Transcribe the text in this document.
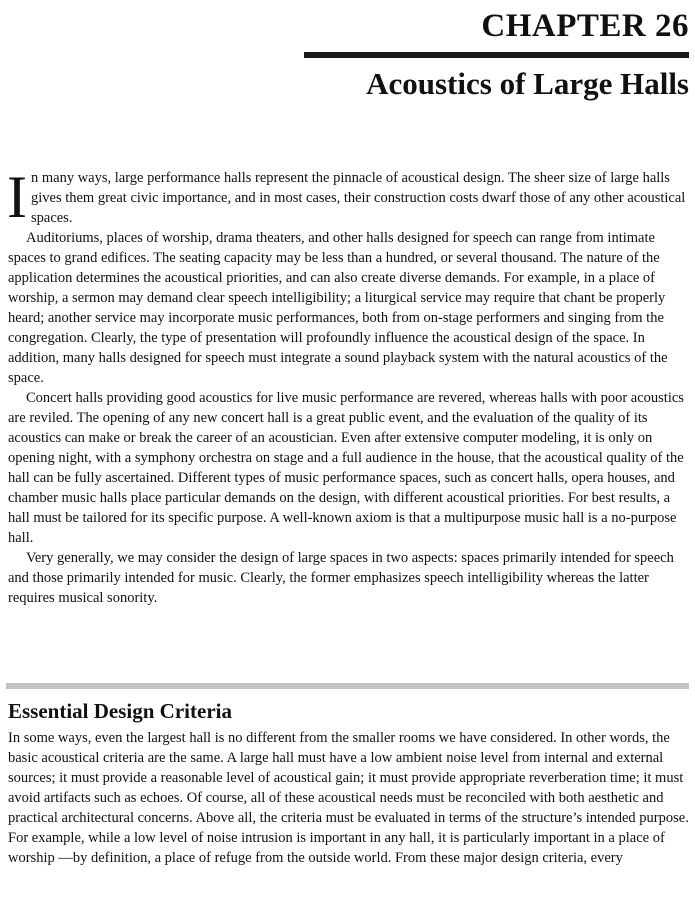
CHAPTER 26
Acoustics of Large Halls

In many ways, large performance halls represent the pinnacle of acoustical design. The sheer size of large halls gives them great civic importance, and in most cases, their construction costs dwarf those of any other acoustical spaces.

Auditoriums, places of worship, drama theaters, and other halls designed for speech can range from intimate spaces to grand edifices. The seating capacity may be less than a hundred, or several thousand. The nature of the application determines the acoustical priorities, and can also create diverse demands. For example, in a place of worship, a sermon may demand clear speech intelligibility; a liturgical service may require that chant be properly heard; another service may incorporate music performances, both from on-stage performers and singing from the congregation. Clearly, the type of presentation will profoundly influence the acoustical design of the space. In addition, many halls designed for speech must integrate a sound playback system with the natural acoustics of the space.

Concert halls providing good acoustics for live music performance are revered, whereas halls with poor acoustics are reviled. The opening of any new concert hall is a great public event, and the evaluation of the quality of its acoustics can make or break the career of an acoustician. Even after extensive computer modeling, it is only on opening night, with a symphony orchestra on stage and a full audience in the house, that the acoustical quality of the hall can be fully ascertained. Different types of music performance spaces, such as concert halls, opera houses, and chamber music halls place particular demands on the design, with different acoustical priorities. For best results, a hall must be tailored for its specific purpose. A well-known axiom is that a multipurpose music hall is a no-purpose hall.

Very generally, we may consider the design of large spaces in two aspects: spaces primarily intended for speech and those primarily intended for music. Clearly, the former emphasizes speech intelligibility whereas the latter requires musical sonority.

Essential Design Criteria

In some ways, even the largest hall is no different from the smaller rooms we have considered. In other words, the basic acoustical criteria are the same. A large hall must have a low ambient noise level from internal and external sources; it must provide a reasonable level of acoustical gain; it must provide appropriate reverberation time; it must avoid artifacts such as echoes. Of course, all of these acoustical needs must be reconciled with both aesthetic and practical architectural concerns. Above all, the criteria must be evaluated in terms of the structure’s intended purpose. For example, while a low level of noise intrusion is important in any hall, it is particularly important in a place of worship —by definition, a place of refuge from the outside world. From these major design criteria, every
